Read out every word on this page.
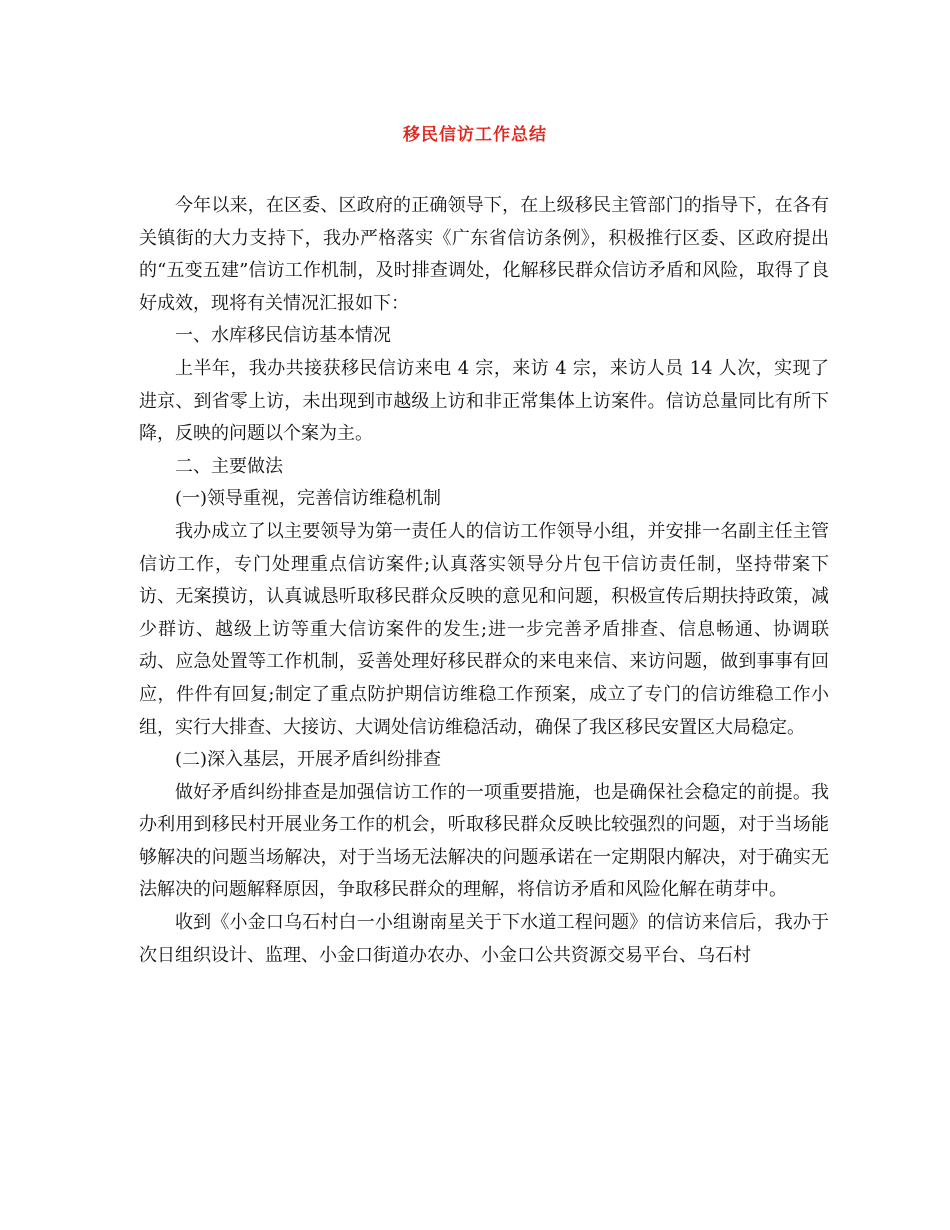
移民信访工作总结

今年以来，在区委、区政府的正确领导下，在上级移民主管部门的指导下，在各有关镇街的大力支持下，我办严格落实《广东省信访条例》，积极推行区委、区政府提出的“五变五建”信访工作机制，及时排查调处，化解移民群众信访矛盾和风险，取得了良好成效，现将有关情况汇报如下：

一、水库移民信访基本情况

上半年，我办共接获移民信访来电 4 宗，来访 4 宗，来访人员 14 人次，实现了进京、到省零上访，未出现到市越级上访和非正常集体上访案件。信访总量同比有所下降，反映的问题以个案为主。

二、主要做法

(一)领导重视，完善信访维稳机制

我办成立了以主要领导为第一责任人的信访工作领导小组，并安排一名副主任主管信访工作，专门处理重点信访案件;认真落实领导分片包干信访责任制，坚持带案下访、无案摸访，认真诚恳听取移民群众反映的意见和问题，积极宣传后期扶持政策，减少群访、越级上访等重大信访案件的发生;进一步完善矛盾排查、信息畅通、协调联动、应急处置等工作机制，妥善处理好移民群众的来电来信、来访问题，做到事事有回应，件件有回复;制定了重点防护期信访维稳工作预案，成立了专门的信访维稳工作小组，实行大排查、大接访、大调处信访维稳活动，确保了我区移民安置区大局稳定。

(二)深入基层，开展矛盾纠纷排查

做好矛盾纠纷排查是加强信访工作的一项重要措施，也是确保社会稳定的前提。我办利用到移民村开展业务工作的机会，听取移民群众反映比较强烈的问题，对于当场能够解决的问题当场解决，对于当场无法解决的问题承诺在一定期限内解决，对于确实无法解决的问题解释原因，争取移民群众的理解，将信访矛盾和风险化解在萌芽中。

收到《小金口乌石村白一小组谢南星关于下水道工程问题》的信访来信后，我办于次日组织设计、监理、小金口街道办农办、小金口公共资源交易平台、乌石村
